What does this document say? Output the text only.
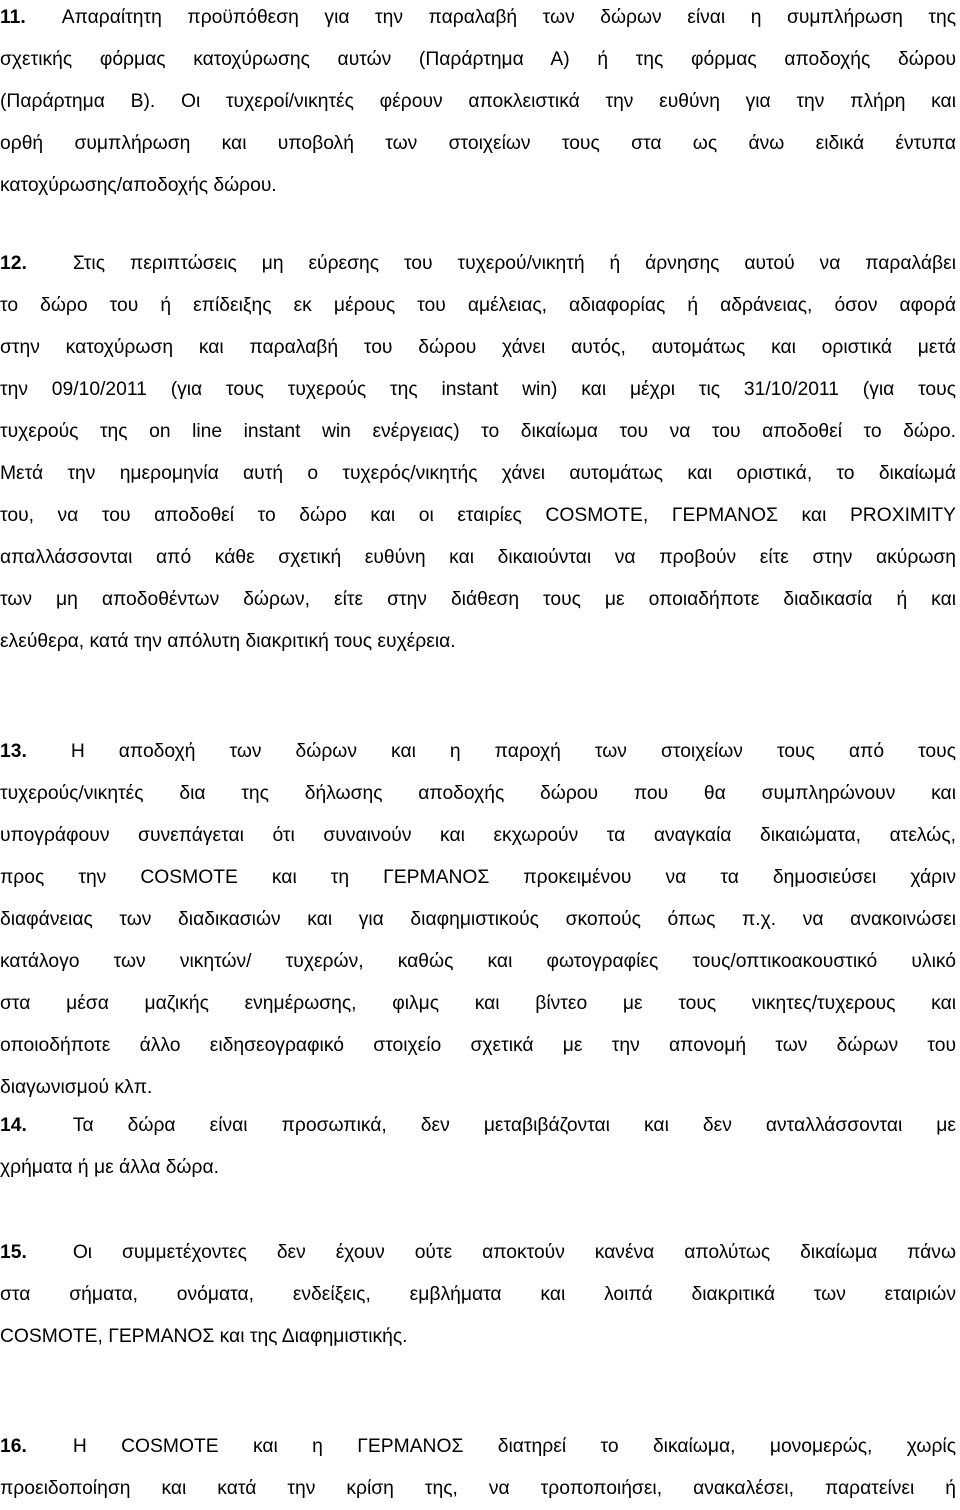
11. Απαραίτητη προϋπόθεση για την παραλαβή των δώρων είναι η συμπλήρωση της
σχετικής φόρμας κατοχύρωσης αυτών (Παράρτημα Α) ή της φόρμας αποδοχής δώρου
(Παράρτημα Β). Οι τυχεροί/νικητές φέρουν αποκλειστικά την ευθύνη για την πλήρη και
ορθή συμπλήρωση και υποβολή των στοιχείων τους στα ως άνω ειδικά έντυπα
κατοχύρωσης/αποδοχής δώρου.
12. Στις περιπτώσεις μη εύρεσης του τυχερού/νικητή ή άρνησης αυτού να παραλάβει
το δώρο του ή επίδειξης εκ μέρους του αμέλειας, αδιαφορίας ή αδράνειας, όσον αφορά
στην κατοχύρωση και παραλαβή του δώρου χάνει αυτός, αυτομάτως και οριστικά μετά
την 09/10/2011 (για τους τυχερούς της instant win) και μέχρι τις 31/10/2011 (για τους
τυχερούς της on line instant win ενέργειας) το δικαίωμα του να του αποδοθεί το δώρο.
Μετά την ημερομηνία αυτή ο τυχερός/νικητής χάνει αυτομάτως και οριστικά, το δικαίωμά
του, να του αποδοθεί το δώρο και οι εταιρίες COSMOTE, ΓΕΡΜΑΝΟΣ και PROXIMITY
απαλλάσσονται από κάθε σχετική ευθύνη και δικαιούνται να προβούν είτε στην ακύρωση
των μη αποδοθέντων δώρων, είτε στην διάθεση τους με οποιαδήποτε διαδικασία ή και
ελεύθερα, κατά την απόλυτη διακριτική τους ευχέρεια.
13. Η αποδοχή των δώρων και η παροχή των στοιχείων τους από τους
τυχερούς/νικητές δια της δήλωσης αποδοχής δώρου που θα συμπληρώνουν και
υπογράφουν συνεπάγεται ότι συναινούν και εκχωρούν τα αναγκαία δικαιώματα, ατελώς,
προς την COSMOTE και τη ΓΕΡΜΑΝΟΣ προκειμένου να τα δημοσιεύσει χάριν
διαφάνειας των διαδικασιών και για διαφημιστικούς σκοπούς όπως π.χ. να ανακοινώσει
κατάλογο των νικητών/ τυχερών, καθώς και φωτογραφίες τους/οπτικοακουστικό υλικό
στα μέσα μαζικής ενημέρωσης, φιλμς και βίντεο με τους νικητες/τυχερους και
οποιοδήποτε άλλο ειδησεογραφικό στοιχείο σχετικά με την απονομή των δώρων του
διαγωνισμού κλπ.
14. Τα δώρα είναι προσωπικά, δεν μεταβιβάζονται και δεν ανταλλάσσονται με
χρήματα ή με άλλα δώρα.
15. Οι συμμετέχοντες δεν έχουν ούτε αποκτούν κανένα απολύτως δικαίωμα πάνω
στα σήματα, ονόματα, ενδείξεις, εμβλήματα και λοιπά διακριτικά των εταιριών
COSMOTE, ΓΕΡΜΑΝΟΣ και της Διαφημιστικής.
16. Η COSMOTE και η ΓΕΡΜΑΝΟΣ διατηρεί το δικαίωμα, μονομερώς, χωρίς
προειδοποίηση και κατά την κρίση της, να τροποποιήσει, ανακαλέσει, παρατείνει ή
